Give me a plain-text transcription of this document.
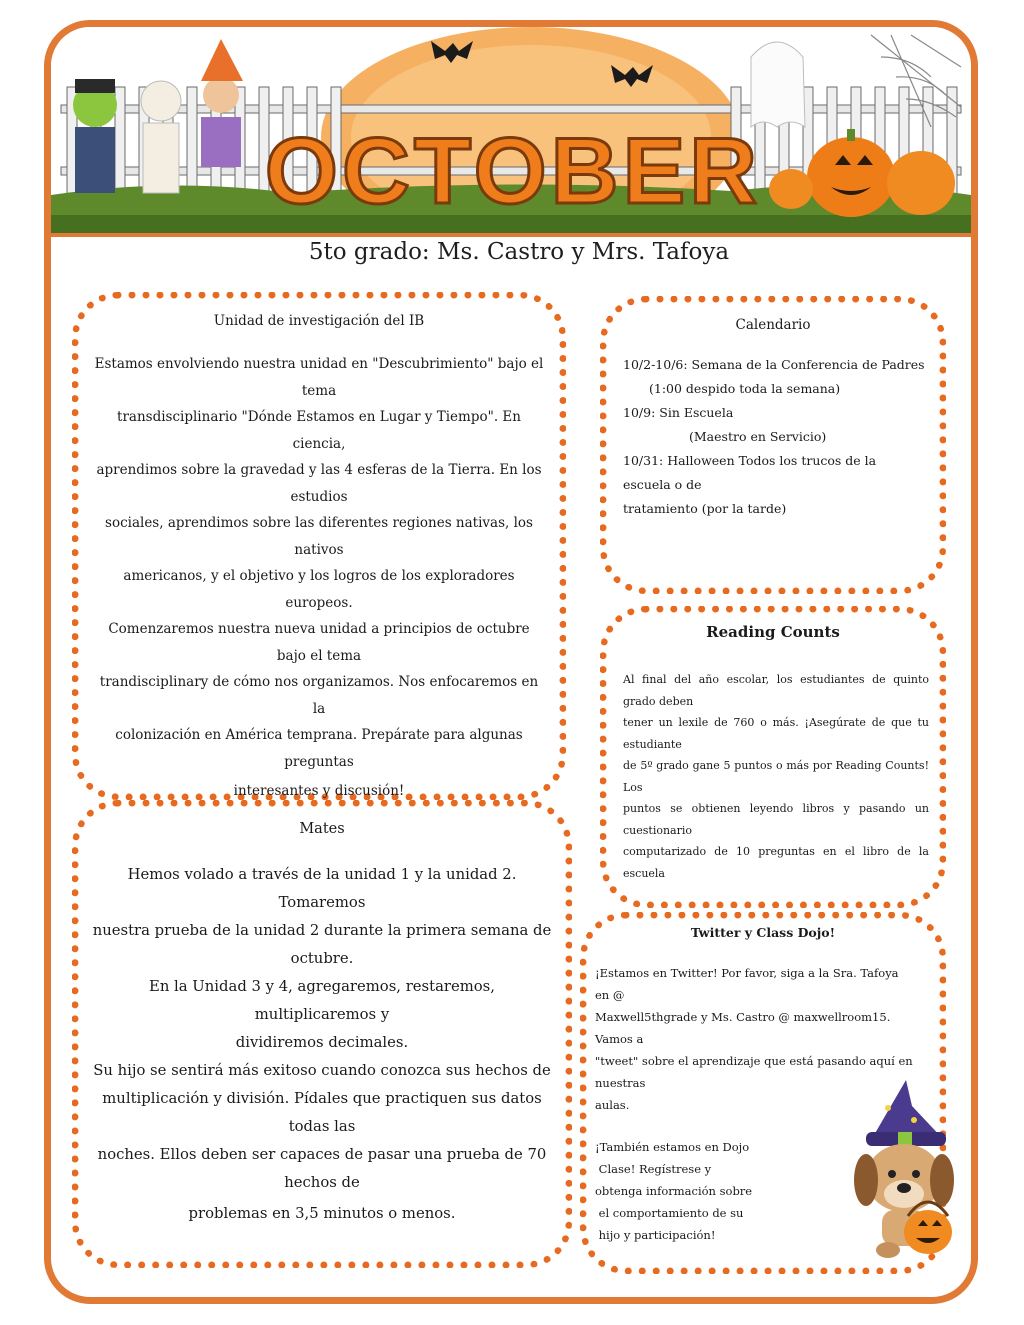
OCTOBER
5to grado: Ms. Castro y Mrs. Tafoya
Unidad de investigación del IB
Estamos envolviendo nuestra unidad en "Descubrimiento" bajo el tema
transdisciplinario "Dónde Estamos en Lugar y Tiempo". En ciencia,
aprendimos sobre la gravedad y las 4 esferas de la Tierra. En los estudios
sociales, aprendimos sobre las diferentes regiones nativas, los nativos
americanos, y el objetivo y los logros de los exploradores europeos.
Comenzaremos nuestra nueva unidad a principios de octubre bajo el tema
trandisciplinary de cómo nos organizamos. Nos enfocaremos en la
colonización en América temprana. Prepárate para algunas preguntas
interesantes y discusión!
Calendario
10/2-10/6: Semana de la Conferencia de Padres
(1:00 despido toda la semana)
10/9: Sin Escuela
(Maestro en Servicio)
10/31: Halloween Todos los trucos de la escuela o de
tratamiento (por la tarde)
Reading Counts
Al final del año escolar, los estudiantes de quinto grado deben
tener un lexile de 760 o más. ¡Asegúrate de que tu estudiante
de 5º grado gane 5 puntos o más por Reading Counts! Los
puntos se obtienen leyendo libros y pasando un cuestionario
computarizado de 10 preguntas en el libro de la escuela
Mates
Hemos volado a través de la unidad 1 y la unidad 2. Tomaremos
nuestra prueba de la unidad 2 durante la primera semana de octubre.
En la Unidad 3 y 4, agregaremos, restaremos, multiplicaremos y
dividiremos decimales.
Su hijo se sentirá más exitoso cuando conozca sus hechos de
multiplicación y división. Pídales que practiquen sus datos todas las
noches. Ellos deben ser capaces de pasar una prueba de 70 hechos de
problemas en 3,5 minutos o menos.
Twitter y Class Dojo!
¡Estamos en Twitter! Por favor, siga a la Sra. Tafoya en @
Maxwell5thgrade y Ms. Castro @ maxwellroom15. Vamos a
"tweet" sobre el aprendizaje que está pasando aquí en nuestras
aulas.
¡También estamos en Dojo
Clase! Regístrese y
obtenga información sobre
el comportamiento de su
hijo y participación!
